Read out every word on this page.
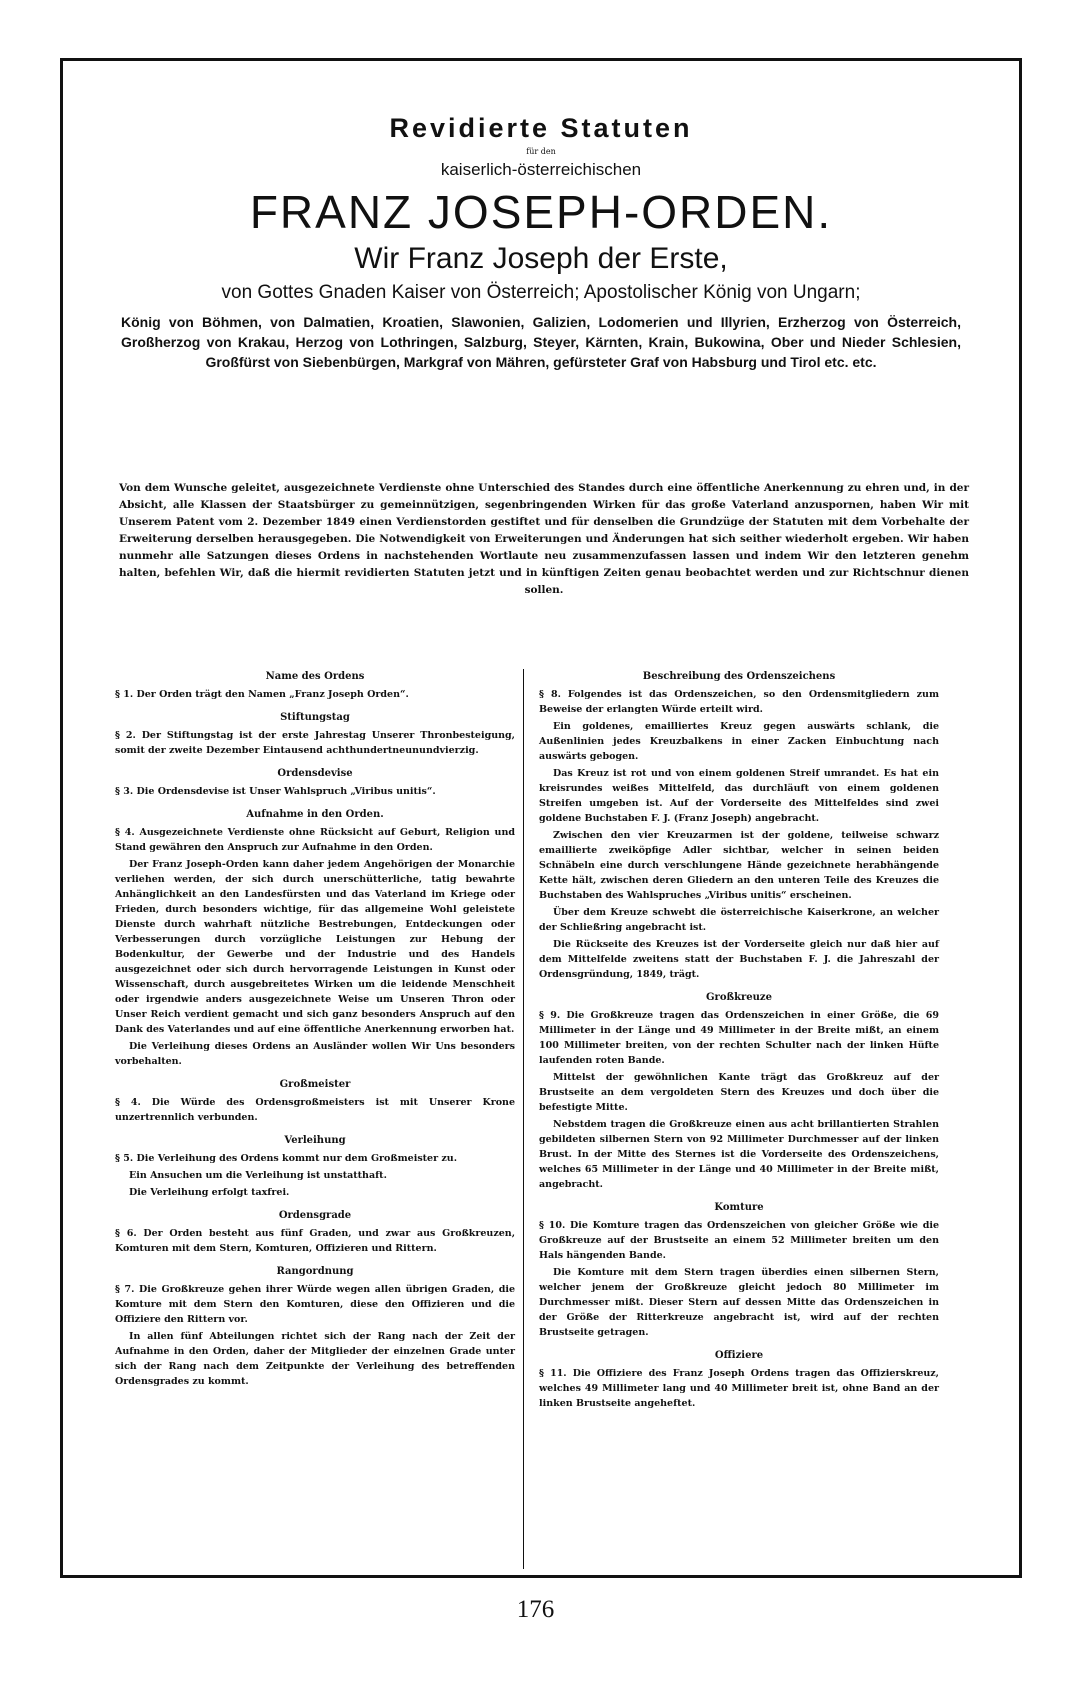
Revidierte Statuten

für den

kaiserlich-österreichischen

FRANZ JOSEPH-ORDEN.

Wir Franz Joseph der Erste,

von Gottes Gnaden Kaiser von Österreich; Apostolischer König von Ungarn;

König von Böhmen, von Dalmatien, Kroatien, Slawonien, Galizien, Lodomerien und Illyrien, Erzherzog von Österreich, Großherzog von Krakau, Herzog von Lothringen, Salzburg, Steyer, Kärnten, Krain, Bukowina, Ober und Nieder Schlesien, Großfürst von Siebenbürgen, Markgraf von Mähren, gefürsteter Graf von Habsburg und Tirol etc. etc.

Von dem Wunsche geleitet, ausgezeichnete Verdienste ohne Unterschied des Standes durch eine öffentliche Anerkennung zu ehren und, in der Absicht, alle Klassen der Staatsbürger zu gemeinnützigen, segenbringenden Wirken für das große Vaterland anzuspornen, haben Wir mit Unserem Patent vom 2. Dezember 1849 einen Verdienstorden gestiftet und für denselben die Grundzüge der Statuten mit dem Vorbehalte der Erweiterung derselben herausgegeben. Die Notwendigkeit von Erweiterungen und Änderungen hat sich seither wiederholt ergeben. Wir haben nunmehr alle Satzungen dieses Ordens in nachstehenden Wortlaute neu zusammenzufassen lassen und indem Wir den letzteren genehm halten, befehlen Wir, daß die hiermit revidierten Statuten jetzt und in künftigen Zeiten genau beobachtet werden und zur Richtschnur dienen sollen.

Name des Ordens

§ 1. Der Orden trägt den Namen „Franz Joseph Orden“.

Stiftungstag

§ 2. Der Stiftungstag ist der erste Jahrestag Unserer Thronbesteigung, somit der zweite Dezember Eintausend achthundertneunundvierzig.

Ordensdevise

§ 3. Die Ordensdevise ist Unser Wahlspruch „Viribus unitis“.

Aufnahme in den Orden.

§ 4. Ausgezeichnete Verdienste ohne Rücksicht auf Geburt, Religion und Stand gewähren den Anspruch zur Aufnahme in den Orden.

Der Franz Joseph-Orden kann daher jedem Angehörigen der Monarchie verliehen werden, der sich durch unerschütterliche, tatig bewahrte Anhänglichkeit an den Landesfürsten und das Vaterland im Kriege oder Frieden, durch besonders wichtige, für das allgemeine Wohl geleistete Dienste durch wahrhaft nützliche Bestrebungen, Entdeckungen oder Verbesserungen durch vorzügliche Leistungen zur Hebung der Bodenkultur, der Gewerbe und der Industrie und des Handels ausgezeichnet oder sich durch hervorragende Leistungen in Kunst oder Wissenschaft, durch ausgebreitetes Wirken um die leidende Menschheit oder irgendwie anders ausgezeichnete Weise um Unseren Thron oder Unser Reich verdient gemacht und sich ganz besonders Anspruch auf den Dank des Vaterlandes und auf eine öffentliche Anerkennung erworben hat.

Die Verleihung dieses Ordens an Ausländer wollen Wir Uns besonders vorbehalten.

Großmeister

§ 4. Die Würde des Ordensgroßmeisters ist mit Unserer Krone unzertrennlich verbunden.

Verleihung

§ 5. Die Verleihung des Ordens kommt nur dem Großmeister zu.

Ein Ansuchen um die Verleihung ist unstatthaft.

Die Verleihung erfolgt taxfrei.

Ordensgrade

§ 6. Der Orden besteht aus fünf Graden, und zwar aus Großkreuzen, Komturen mit dem Stern, Komturen, Offizieren und Rittern.

Rangordnung

§ 7. Die Großkreuze gehen ihrer Würde wegen allen übrigen Graden, die Komture mit dem Stern den Komturen, diese den Offizieren und die Offiziere den Rittern vor.

In allen fünf Abteilungen richtet sich der Rang nach der Zeit der Aufnahme in den Orden, daher der Mitglieder der einzelnen Grade unter sich der Rang nach dem Zeitpunkte der Verleihung des betreffenden Ordensgrades zu kommt.

Beschreibung des Ordenszeichens

§ 8. Folgendes ist das Ordenszeichen, so den Ordensmitgliedern zum Beweise der erlangten Würde erteilt wird.

Ein goldenes, emailliertes Kreuz gegen auswärts schlank, die Außenlinien jedes Kreuzbalkens in einer Zacken Einbuchtung nach auswärts gebogen.

Das Kreuz ist rot und von einem goldenen Streif umrandet. Es hat ein kreisrundes weißes Mittelfeld, das durchläuft von einem goldenen Streifen umgeben ist. Auf der Vorderseite des Mittelfeldes sind zwei goldene Buchstaben F. J. (Franz Joseph) angebracht.

Zwischen den vier Kreuzarmen ist der goldene, teilweise schwarz emaillierte zweiköpfige Adler sichtbar, welcher in seinen beiden Schnäbeln eine durch verschlungene Hände gezeichnete herabhängende Kette hält, zwischen deren Gliedern an den unteren Teile des Kreuzes die Buchstaben des Wahlspruches „Viribus unitis“ erscheinen.

Über dem Kreuze schwebt die österreichische Kaiserkrone, an welcher der Schließring angebracht ist.

Die Rückseite des Kreuzes ist der Vorderseite gleich nur daß hier auf dem Mittelfelde zweitens statt der Buchstaben F. J. die Jahreszahl der Ordensgründung, 1849, trägt.

Großkreuze

§ 9. Die Großkreuze tragen das Ordenszeichen in einer Größe, die 69 Millimeter in der Länge und 49 Millimeter in der Breite mißt, an einem 100 Millimeter breiten, von der rechten Schulter nach der linken Hüfte laufenden roten Bande.

Mittelst der gewöhnlichen Kante trägt das Großkreuz auf der Brustseite an dem vergoldeten Stern des Kreuzes und doch über die befestigte Mitte.

Nebstdem tragen die Großkreuze einen aus acht brillantierten Strahlen gebildeten silbernen Stern von 92 Millimeter Durchmesser auf der linken Brust. In der Mitte des Sternes ist die Vorderseite des Ordenszeichens, welches 65 Millimeter in der Länge und 40 Millimeter in der Breite mißt, angebracht.

Komture

§ 10. Die Komture tragen das Ordenszeichen von gleicher Größe wie die Großkreuze auf der Brustseite an einem 52 Millimeter breiten um den Hals hängenden Bande.

Die Komture mit dem Stern tragen überdies einen silbernen Stern, welcher jenem der Großkreuze gleicht jedoch 80 Millimeter im Durchmesser mißt. Dieser Stern auf dessen Mitte das Ordenszeichen in der Größe der Ritterkreuze angebracht ist, wird auf der rechten Brustseite getragen.

Offiziere

§ 11. Die Offiziere des Franz Joseph Ordens tragen das Offizierskreuz, welches 49 Millimeter lang und 40 Millimeter breit ist, ohne Band an der linken Brustseite angeheftet.

176
